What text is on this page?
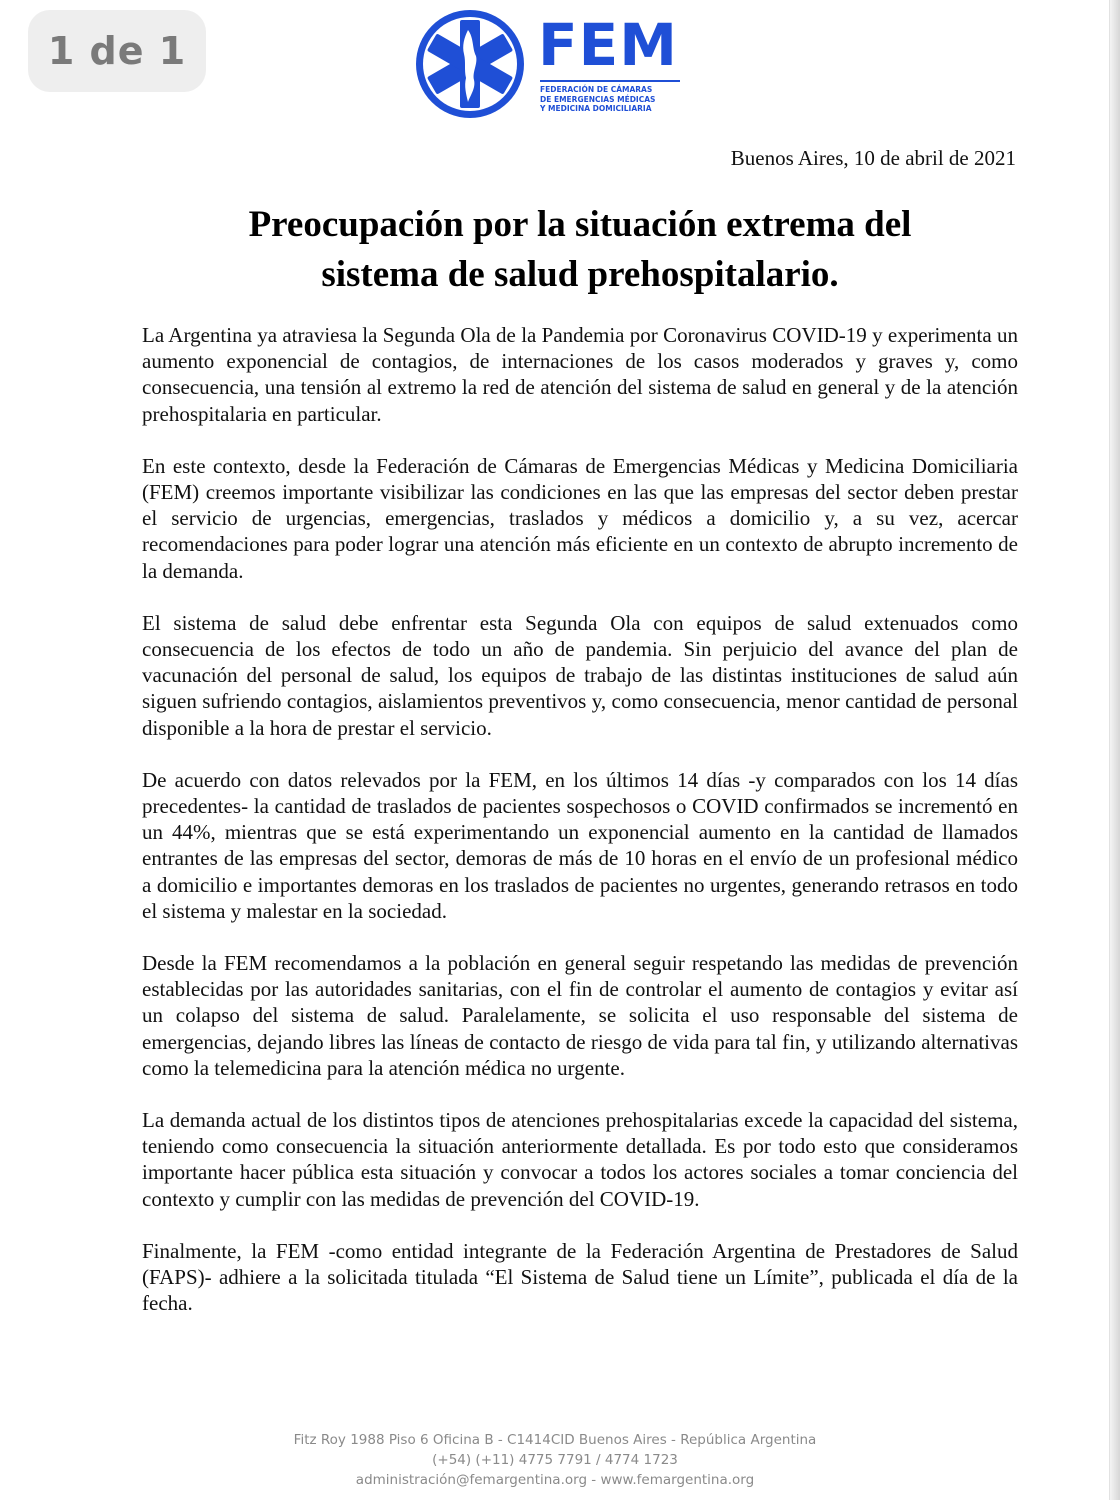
1 de 1	FEM
FEDERACIÓN DE CÁMARAS
DE EMERGENCIAS MÉDICAS
Y MEDICINA DOMICILIARIA
Buenos Aires, 10 de abril de 2021
Preocupación por la situación extrema del
sistema de salud prehospitalario.

La Argentina ya atraviesa la Segunda Ola de la Pandemia por Coronavirus COVID-19 y experimenta un aumento exponencial de contagios, de internaciones de los casos moderados y graves y, como consecuencia, una tensión al extremo la red de atención del sistema de salud en general y de la atención prehospitalaria en particular.

En este contexto, desde la Federación de Cámaras de Emergencias Médicas y Medicina Domiciliaria (FEM) creemos importante visibilizar las condiciones en las que las empresas del sector deben prestar el servicio de urgencias, emergencias, traslados y médicos a domicilio y, a su vez, acercar recomendaciones para poder lograr una atención más eficiente en un contexto de abrupto incremento de la demanda.

El sistema de salud debe enfrentar esta Segunda Ola con equipos de salud extenuados como consecuencia de los efectos de todo un año de pandemia. Sin perjuicio del avance del plan de vacunación del personal de salud, los equipos de trabajo de las distintas instituciones de salud aún siguen sufriendo contagios, aislamientos preventivos y, como consecuencia, menor cantidad de personal disponible a la hora de prestar el servicio.

De acuerdo con datos relevados por la FEM, en los últimos 14 días -y comparados con los 14 días precedentes- la cantidad de traslados de pacientes sospechosos o COVID confirmados se incrementó en un 44%, mientras que se está experimentando un exponencial aumento en la cantidad de llamados entrantes de las empresas del sector, demoras de más de 10 horas en el envío de un profesional médico a domicilio e importantes demoras en los traslados de pacientes no urgentes, generando retrasos en todo el sistema y malestar en la sociedad.

Desde la FEM recomendamos a la población en general seguir respetando las medidas de prevención establecidas por las autoridades sanitarias, con el fin de controlar el aumento de contagios y evitar así un colapso del sistema de salud. Paralelamente, se solicita el uso responsable del sistema de emergencias, dejando libres las líneas de contacto de riesgo de vida para tal fin, y utilizando alternativas como la telemedicina para la atención médica no urgente.

La demanda actual de los distintos tipos de atenciones prehospitalarias excede la capacidad del sistema, teniendo como consecuencia la situación anteriormente detallada. Es por todo esto que consideramos importante hacer pública esta situación y convocar a todos los actores sociales a tomar conciencia del contexto y cumplir con las medidas de prevención del COVID-19.

Finalmente, la FEM -como entidad integrante de la Federación Argentina de Prestadores de Salud (FAPS)- adhiere a la solicitada titulada “El Sistema de Salud tiene un Límite”, publicada el día de la fecha.

Fitz Roy 1988 Piso 6 Oficina B - C1414CID Buenos Aires - República Argentina
(+54) (+11) 4775 7791 / 4774 1723
administración@femargentina.org - www.femargentina.org
